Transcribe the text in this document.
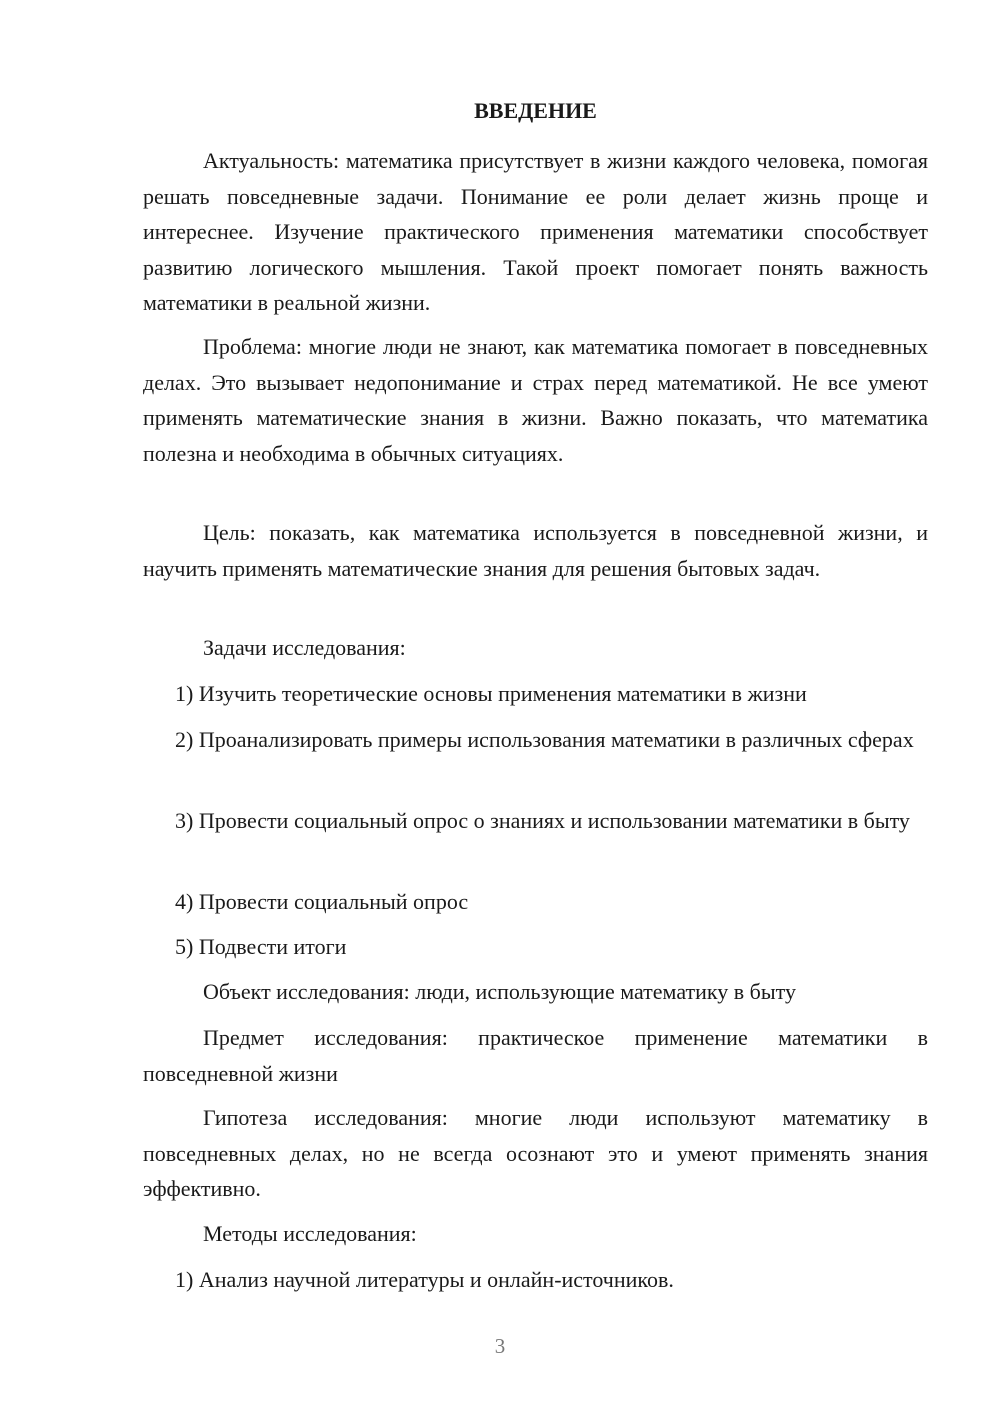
ВВЕДЕНИЕ

Актуальность: математика присутствует в жизни каждого человека, помогая решать повседневные задачи. Понимание ее роли делает жизнь проще и интереснее. Изучение практического применения математики способствует развитию логического мышления. Такой проект помогает понять важность математики в реальной жизни.

Проблема: многие люди не знают, как математика помогает в повседневных делах. Это вызывает недопонимание и страх перед математикой. Не все умеют применять математические знания в жизни. Важно показать, что математика полезна и необходима в обычных ситуациях.

Цель: показать, как математика используется в повседневной жизни, и научить применять математические знания для решения бытовых задач.

Задачи исследования:

1) Изучить теоретические основы применения математики в жизни

2) Проанализировать примеры использования математики в различных сферах

3) Провести социальный опрос о знаниях и использовании математики в быту

4) Провести социальный опрос

5) Подвести итоги

Объект исследования: люди, использующие математику в быту

Предмет исследования: практическое применение математики в повседневной жизни

Гипотеза исследования: многие люди используют математику в повседневных делах, но не всегда осознают это и умеют применять знания эффективно.

Методы исследования:

1) Анализ научной литературы и онлайн-источников.

3
